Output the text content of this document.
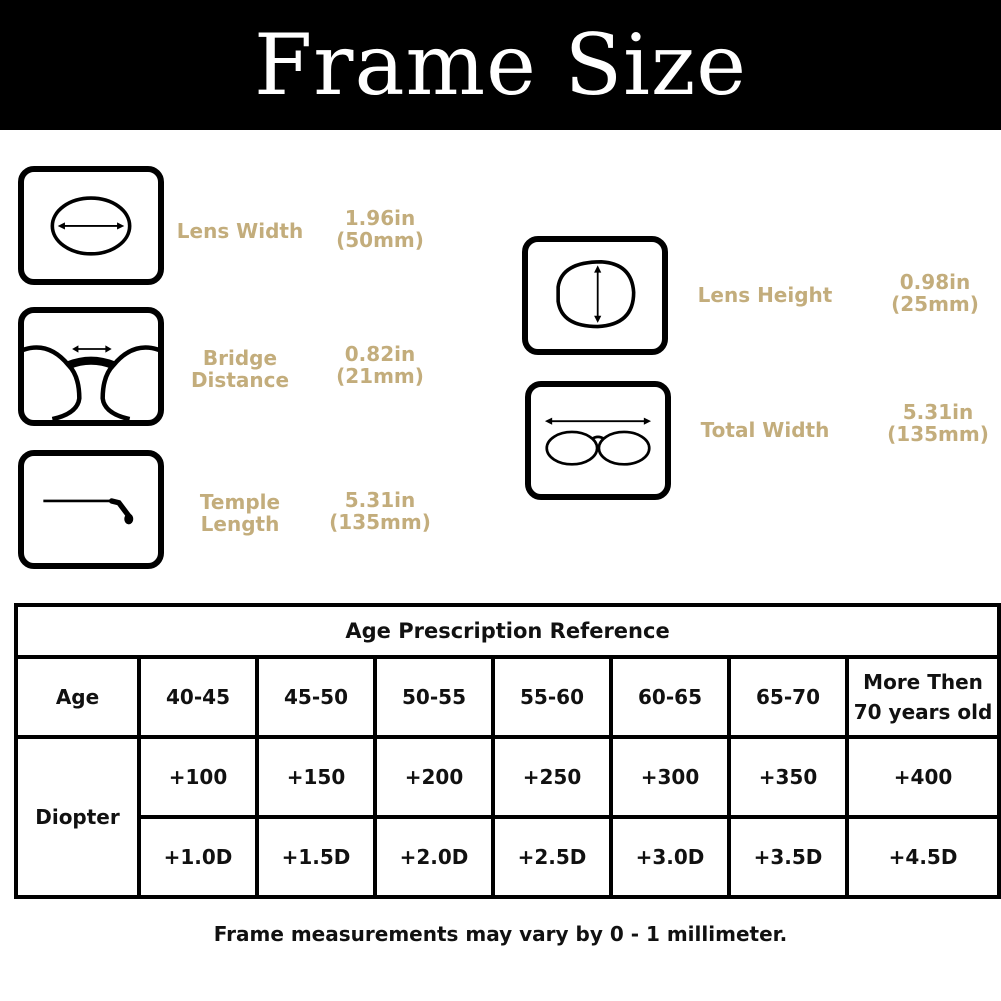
Frame Size
Lens Width
1.96in
(50mm)
Bridge
Distance
0.82in
(21mm)
Temple
Length
5.31in
(135mm)
Lens Height
0.98in
(25mm)
Total Width
5.31in
(135mm)
Age Prescription Reference							
Age	40-45	45-50	50-55	55-60	60-65	65-70	More Then
70 years old

Diopter	+100	+150	+200	+250	+300	+350	+400
	+1.0D	+1.5D	+2.0D	+2.5D	+3.0D	+3.5D	+4.5D
Frame measurements may vary by 0 - 1 millimeter.
